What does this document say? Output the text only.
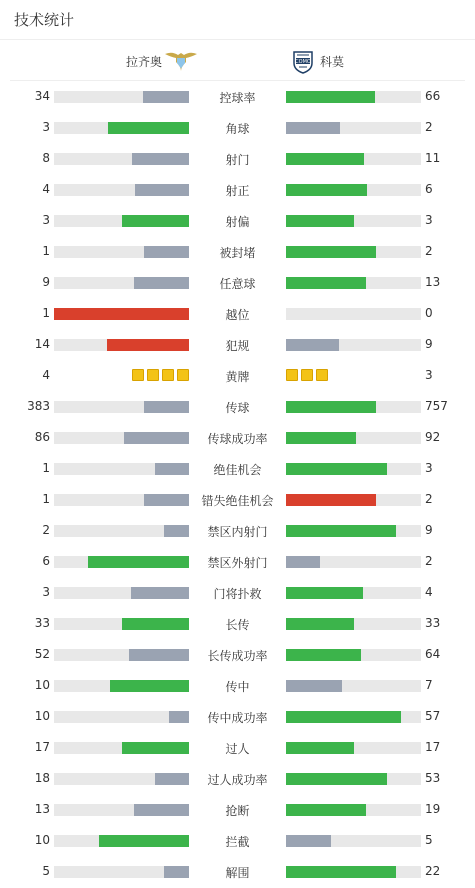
技术统计
拉齐奥	COMO 科莫
34	控球率	66
3	角球	2
8	射门	11
4	射正	6
3	射偏	3
1	被封堵	2
9	任意球	13
1	越位	0
14	犯规	9
4	黄牌	3
383	传球	757
86	传球成功率	92
1	绝佳机会	3
1	错失绝佳机会	2
2	禁区内射门	9
6	禁区外射门	2
3	门将扑救	4
33	长传	33
52	长传成功率	64
10	传中	7
10	传中成功率	57
17	过人	17
18	过人成功率	53
13	抢断	19
10	拦截	5
5	解围	22
